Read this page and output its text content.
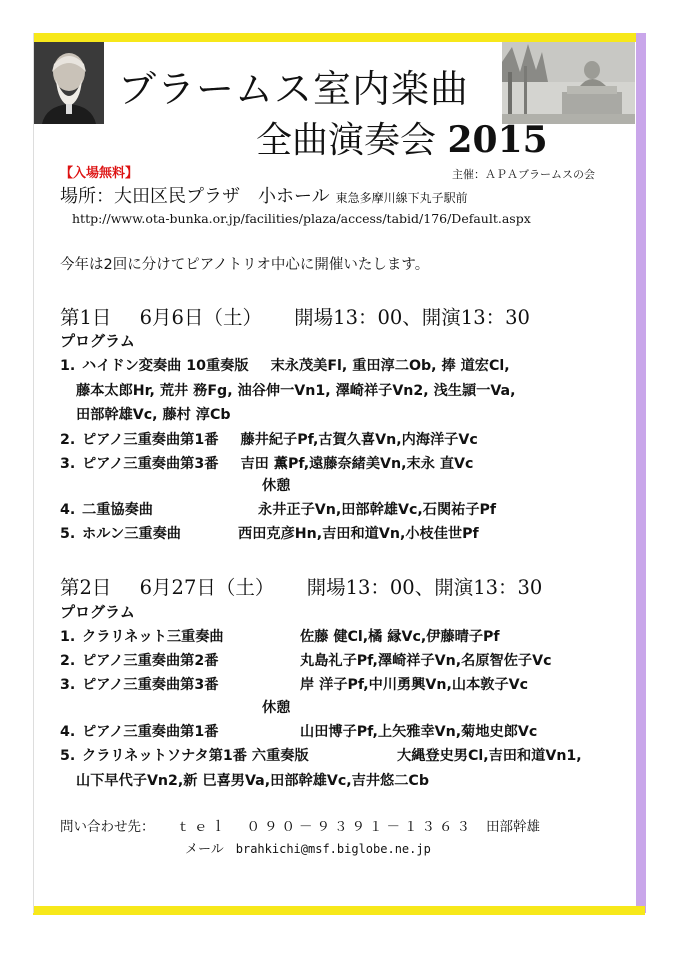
ブラームス室内楽曲
全曲演奏会 2015
【入場無料】	主催：ＡＰＡブラームスの会
場所：大田区民プラザ　小ホール 東急多摩川線下丸子駅前
http://www.ota-bunka.or.jp/facilities/plaza/access/tabid/176/Default.aspx
今年は2回に分けてピアノトリオ中心に開催いたします。
第1日 6月6日（土） 開場13：00、開演13：30
プログラム
1. ハイドン変奏曲 10重奏版 末永茂美Fl, 重田淳二Ob, 捧 道宏Cl,
藤本太郎Hr, 荒井 務Fg, 油谷伸一Vn1, 澤崎祥子Vn2, 浅生頴一Va,
田部幹雄Vc, 藤村 淳Cb
2. ピアノ三重奏曲第1番 藤井紀子Pf,古賀久喜Vn,内海洋子Vc
3. ピアノ三重奏曲第3番 吉田 薫Pf,遠藤奈緒美Vn,末永 直Vc
休憩
4. 二重協奏曲	永井正子Vn,田部幹雄Vc,石関祐子Pf
5. ホルン三重奏曲	西田克彦Hn,吉田和道Vn,小枝佳世Pf
第2日 6月27日（土） 開場13：00、開演13：30
プログラム
1. クラリネット三重奏曲	佐藤 健Cl,橘 縁Vc,伊藤晴子Pf
2. ピアノ三重奏曲第2番	丸島礼子Pf,澤崎祥子Vn,名原智佐子Vc
3. ピアノ三重奏曲第3番	岸 洋子Pf,中川勇興Vn,山本敦子Vc
休憩
4. ピアノ三重奏曲第1番	山田博子Pf,上矢雅幸Vn,菊地史郎Vc
5. クラリネットソナタ第1番 六重奏版	大縄登史男Cl,吉田和道Vn1,
山下早代子Vn2,新 巳喜男Va,田部幹雄Vc,吉井悠二Cb
問い合わせ先： ｔｅｌ　０９０－９３９１－１３６３ 田部幹雄
メール brahkichi@msf.biglobe.ne.jp
